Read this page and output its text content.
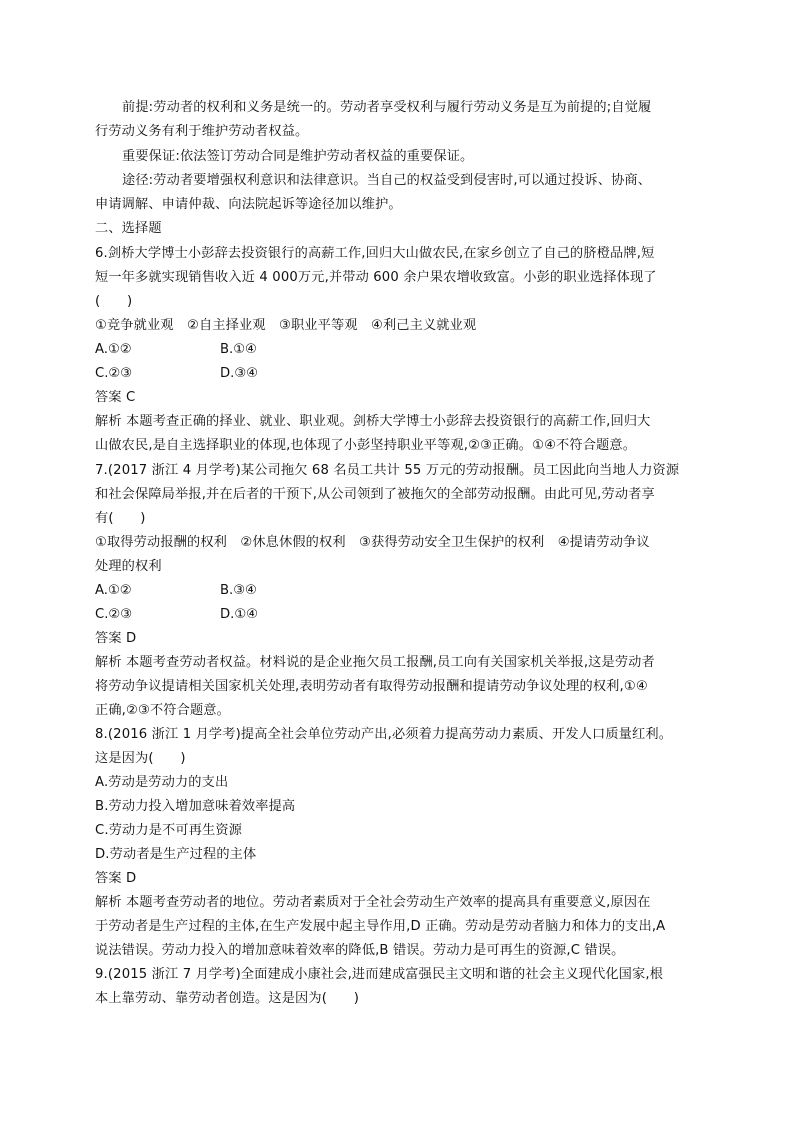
前提:劳动者的权利和义务是统一的。劳动者享受权利与履行劳动义务是互为前提的;自觉履
行劳动义务有利于维护劳动者权益。
重要保证:依法签订劳动合同是维护劳动者权益的重要保证。
途径:劳动者要增强权利意识和法律意识。当自己的权益受到侵害时,可以通过投诉、协商、
申请调解、申请仲裁、向法院起诉等途径加以维护。
二、选择题
6.剑桥大学博士小彭辞去投资银行的高薪工作,回归大山做农民,在家乡创立了自己的脐橙品牌,短
短一年多就实现销售收入近 4 000万元,并带动 600 余户果农增收致富。小彭的职业选择体现了
(　　)
①竞争就业观　②自主择业观　③职业平等观　④利己主义就业观
A.①②	B.①④
C.②③	D.③④
答案 C
解析 本题考查正确的择业、就业、职业观。剑桥大学博士小彭辞去投资银行的高薪工作,回归大
山做农民,是自主选择职业的体现,也体现了小彭坚持职业平等观,②③正确。①④不符合题意。
7.(2017 浙江 4 月学考)某公司拖欠 68 名员工共计 55 万元的劳动报酬。员工因此向当地人力资源
和社会保障局举报,并在后者的干预下,从公司领到了被拖欠的全部劳动报酬。由此可见,劳动者享
有(　　)
①取得劳动报酬的权利　②休息休假的权利　③获得劳动安全卫生保护的权利　④提请劳动争议
处理的权利
A.①②	B.③④
C.②③	D.①④
答案 D
解析 本题考查劳动者权益。材料说的是企业拖欠员工报酬,员工向有关国家机关举报,这是劳动者
将劳动争议提请相关国家机关处理,表明劳动者有取得劳动报酬和提请劳动争议处理的权利,①④
正确,②③不符合题意。
8.(2016 浙江 1 月学考)提高全社会单位劳动产出,必须着力提高劳动力素质、开发人口质量红利。
这是因为(　　)
A.劳动是劳动力的支出
B.劳动力投入增加意味着效率提高
C.劳动力是不可再生资源
D.劳动者是生产过程的主体
答案 D
解析 本题考查劳动者的地位。劳动者素质对于全社会劳动生产效率的提高具有重要意义,原因在
于劳动者是生产过程的主体,在生产发展中起主导作用,D 正确。劳动是劳动者脑力和体力的支出,A
说法错误。劳动力投入的增加意味着效率的降低,B 错误。劳动力是可再生的资源,C 错误。
9.(2015 浙江 7 月学考)全面建成小康社会,进而建成富强民主文明和谐的社会主义现代化国家,根
本上靠劳动、靠劳动者创造。这是因为(　　)
